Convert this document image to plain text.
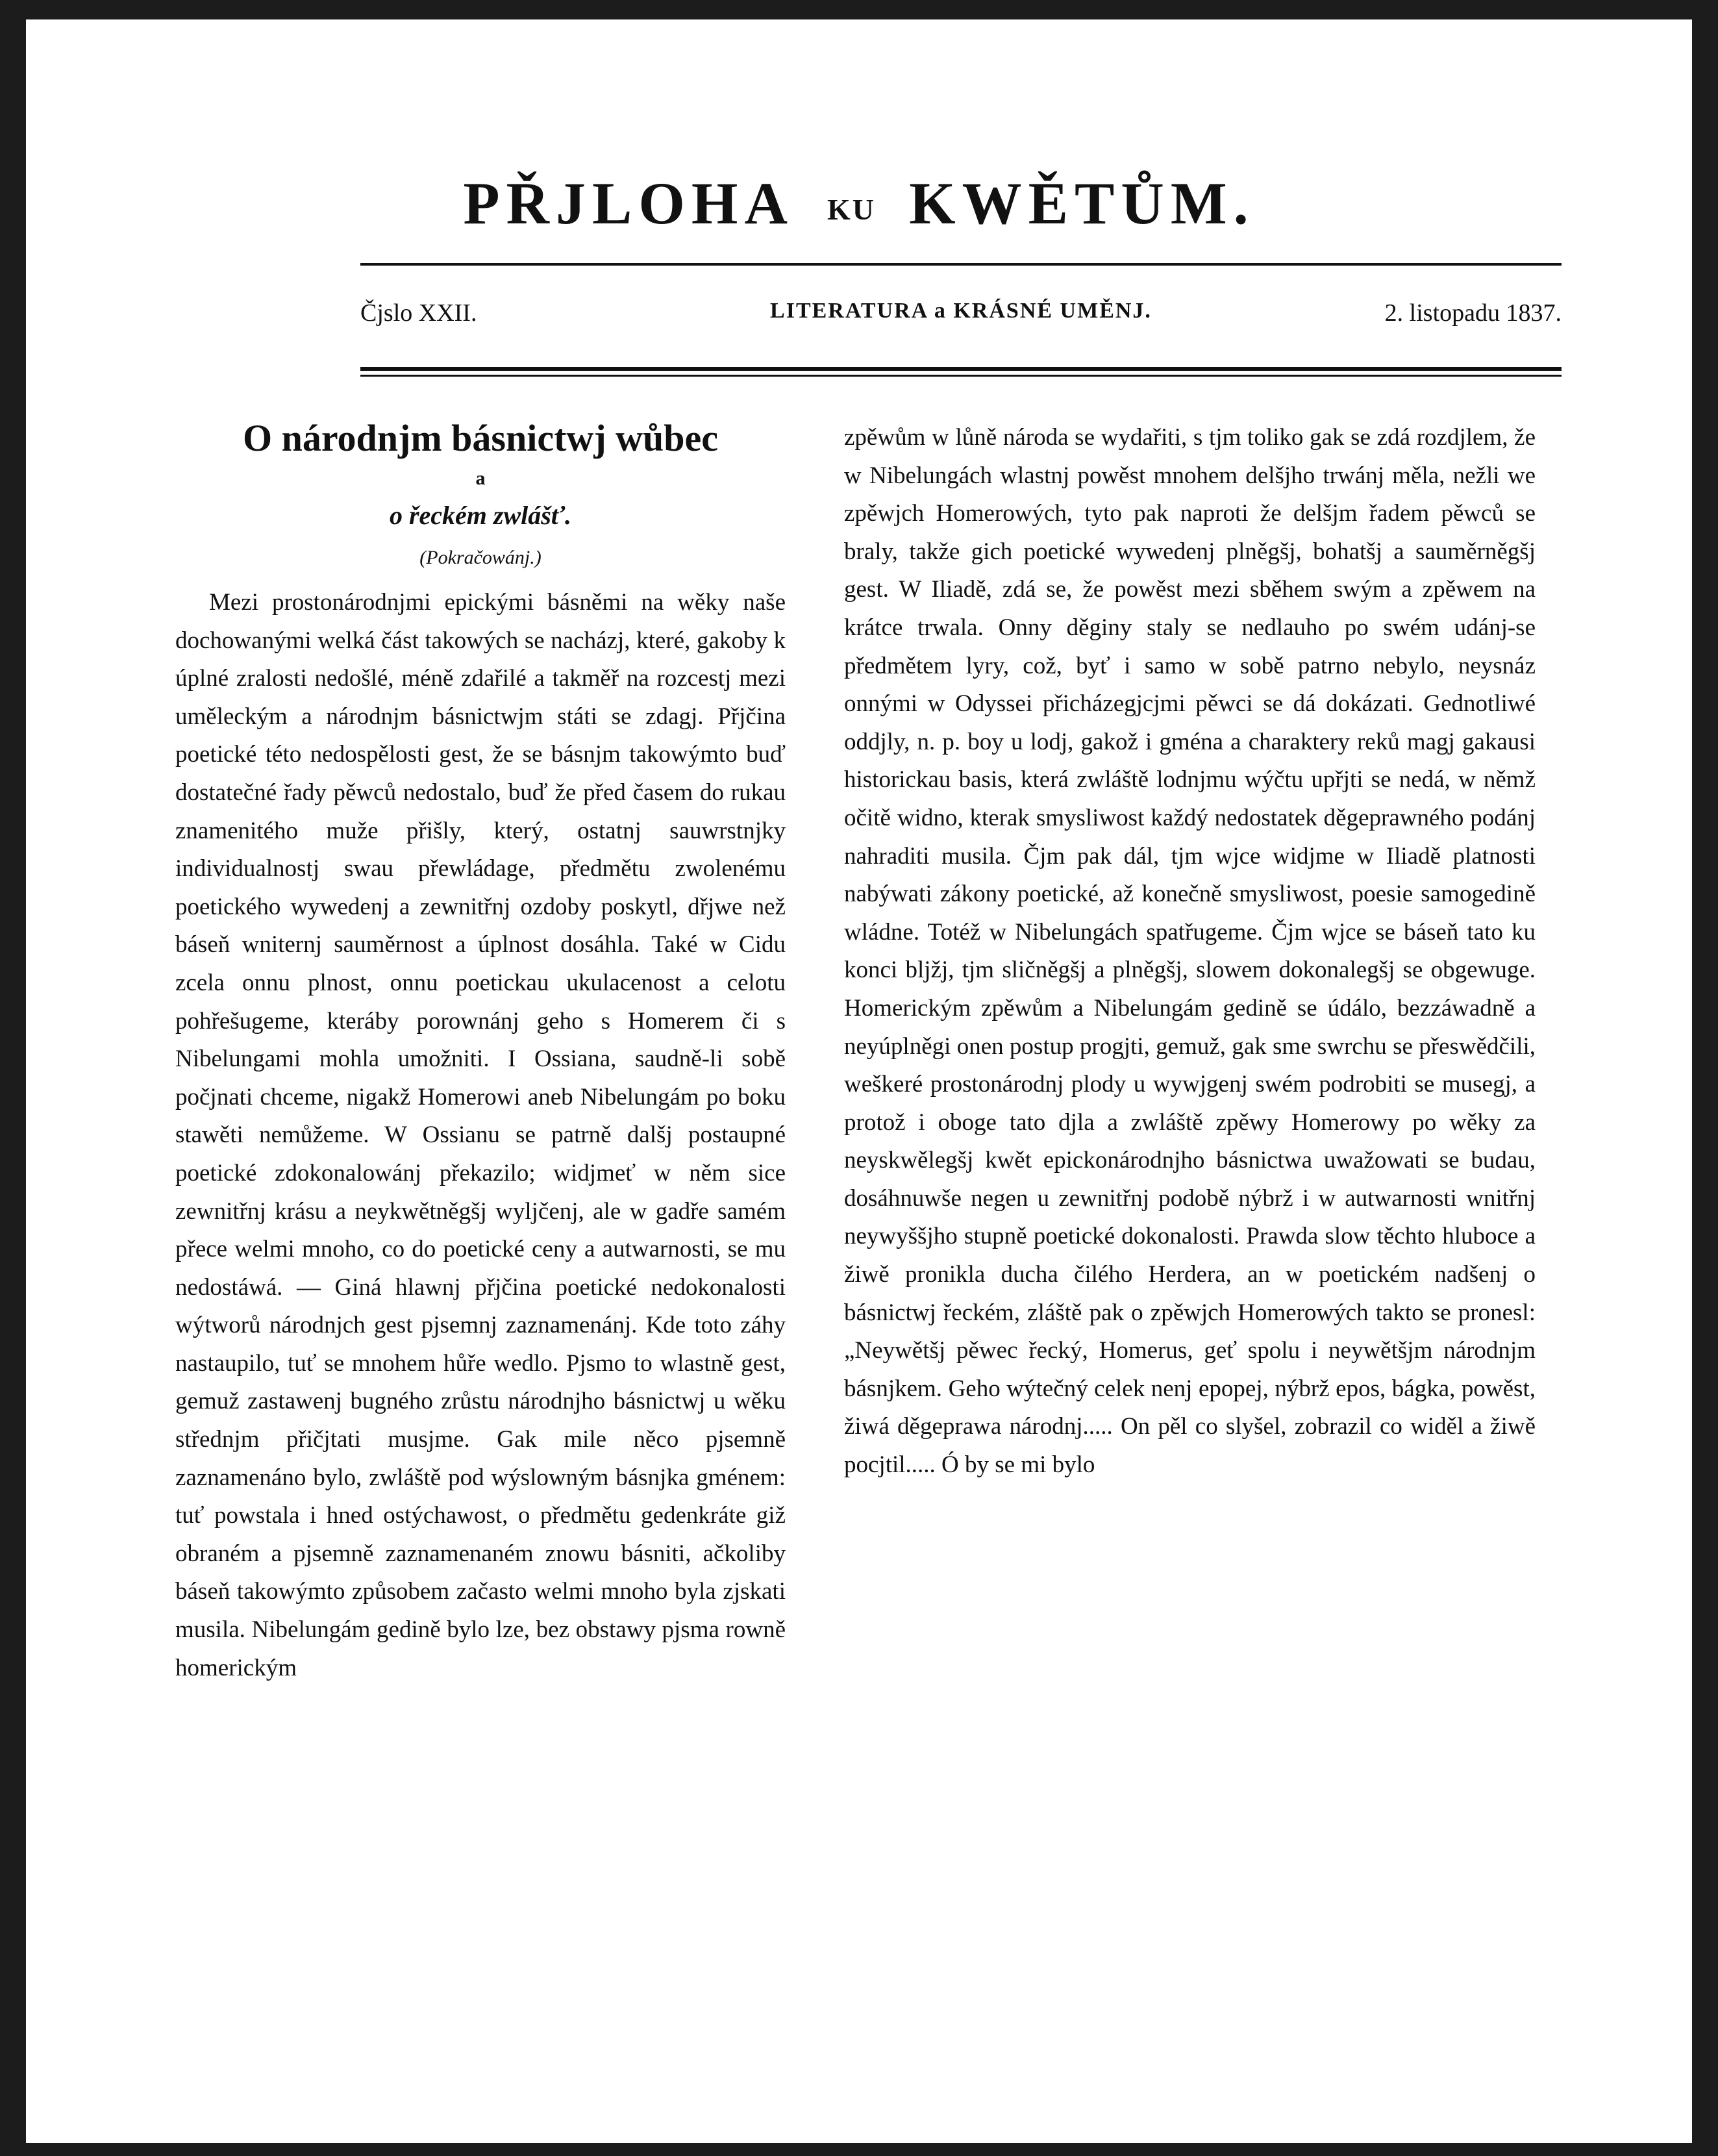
PŘJLOHA KU KWĚTŮM.
LITERATURA a KRÁSNÉ UMĚNJ.
Čjslo XXII.	2. listopadu 1837.
O národnjm básnictwj wůbec
a
o řeckém zwlášť.
(Pokračowánj.)

Mezi prostonárodnjmi epickými básněmi na wěky naše dochowanými welká část takowých se nacházj, které, gakoby k úplné zralosti nedošlé, méně zdařilé a takměř na rozcestj mezi uměleckým a národnjm básnictwjm státi se zdagj. Přjčina poetické této nedospělosti gest, že se básnjm takowýmto buď dostatečné řady pěwců nedostalo, buď že před časem do rukau znamenitého muže přišly, který, ostatnj sauwrstnjky individualnostj swau přewládage, předmětu zwolenému poetického wywedenj a zewnitřnj ozdoby poskytl, dřjwe než báseň wniternj sauměrnost a úplnost dosáhla. Také w Cidu zcela onnu plnost, onnu poetickau ukulacenost a celotu pohřešugeme, kteráby porownánj geho s Homerem či s Nibelungami mohla umožniti. I Ossiana, saudně-li sobě počjnati chceme, nigakž Homerowi aneb Nibelungám po boku stawěti nemůžeme. W Ossianu se patrně dalšj postaupné poetické zdokonalowánj překazilo; widjmeť w něm sice zewnitřnj krásu a neykwětněgšj wyljčenj, ale w gadře samém přece welmi mnoho, co do poetické ceny a autwarnosti, se mu nedostáwá. — Giná hlawnj přjčina poetické nedokonalosti wýtworů národnjch gest pjsemnj zaznamenánj. Kde toto záhy nastaupilo, tuť se mnohem hůře wedlo. Pjsmo to wlastně gest, gemuž zastawenj bugného zrůstu národnjho básnictwj u wěku střednjm přičjtati musjme. Gak mile něco pjsemně zaznamenáno bylo, zwláště pod wýslowným básnjka gménem: tuť powstala i hned ostýchawost, o předmětu gedenkráte giž obraném a pjsemně zaznamenaném znowu básniti, ačkoliby báseň takowýmto způsobem začasto welmi mnoho byla zjskati musila. Nibelungám gedině bylo lze, bez obstawy pjsma rowně homerickým

zpěwům w lůně národa se wydařiti, s tjm toliko gak se zdá rozdjlem, že w Nibelungách wlastnj powěst mnohem delšjho trwánj měla, nežli we zpěwjch Homerowých, tyto pak naproti že delšjm řadem pěwců se braly, takže gich poetické wywedenj plněgšj, bohatšj a sauměrněgšj gest. W Iliadě, zdá se, že powěst mezi sběhem swým a zpěwem na krátce trwala. Onny děginy staly se nedlauho po swém udánj-se předmětem lyry, což, byť i samo w sobě patrno nebylo, neysnáz onnými w Odyssei přicházegjcjmi pěwci se dá dokázati. Gednotliwé oddjly, n. p. boy u lodj, gakož i gména a charaktery reků magj gakausi historickau basis, která zwláště lodnjmu wýčtu upřjti se nedá, w němž očitě widno, kterak smysliwost každý nedostatek děgeprawného podánj nahraditi musila. Čjm pak dál, tjm wjce widjme w Iliadě platnosti nabýwati zákony poetické, až konečně smysliwost, poesie samogedině wládne. Totéž w Nibelungách spatřugeme. Čjm wjce se báseň tato ku konci bljžj, tjm sličněgšj a plněgšj, slowem dokonalegšj se obgewuge. Homerickým zpěwům a Nibelungám gedině se údálo, bezzáwadně a neyúplněgi onen postup progjti, gemuž, gak sme swrchu se přeswědčili, weškeré prostonárodnj plody u wywjgenj swém podrobiti se musegj, a protož i oboge tato djla a zwláště zpěwy Homerowy po wěky za neyskwělegšj kwět epickonárodnjho básnictwa uwažowati se budau, dosáhnuwše negen u zewnitřnj podobě nýbrž i w autwarnosti wnitřnj neywyššjho stupně poetické dokonalosti. Prawda slow těchto hluboce a žiwě pronikla ducha čilého Herdera, an w poetickém nadšenj o básnictwj řeckém, zláště pak o zpěwjch Homerowých takto se pronesl: „Neywětšj pěwec řecký, Homerus, geť spolu i neywětšjm národnjm básnjkem. Geho wýtečný celek nenj epopej, nýbrž epos, bágka, powěst, žiwá děgeprawa národnj..... On pěl co slyšel, zobrazil co widěl a žiwě pocjtil..... Ó by se mi bylo
